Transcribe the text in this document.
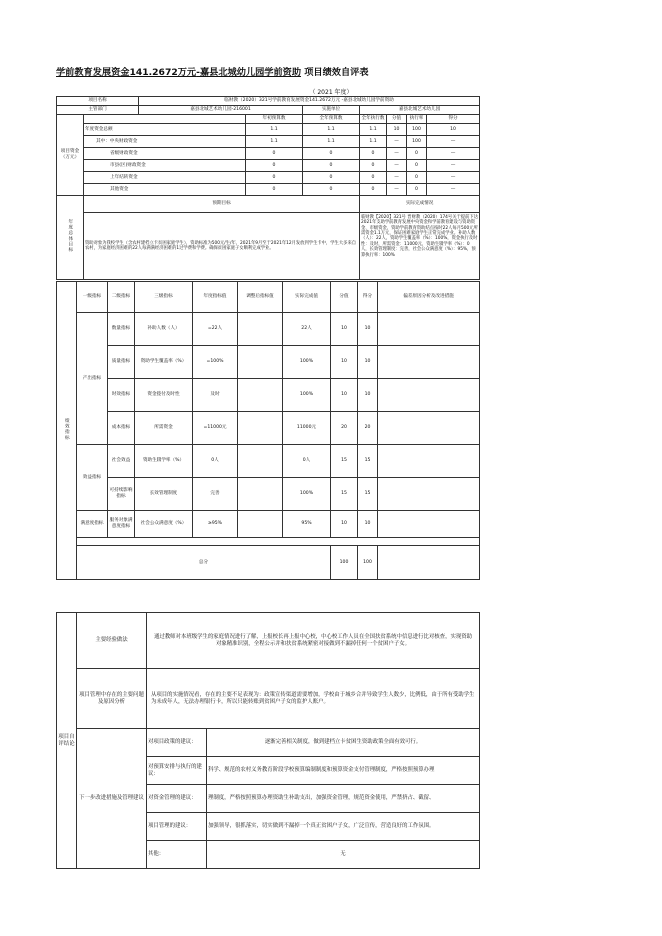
学前教育发展资金141.2672万元-嘉县北城幼儿园学前资助 项目绩效自评表
（ 2021 年度）
项目名称		临财教（2020）321号学前教育发展资金141.2672万元 -嘉县北城幼儿园学前资助						
主管部门		嘉县北城艺术幼儿园-216001		实施单位	嘉县北城艺术幼儿园			
项目资金（万元）			年初预算数	全年预算数	全年执行数	分值	执行率	得分
	年度资金总额		1.1	1.1	1.1	10	100	10
	其中：中央财政资金		1.1	1.1	1.1	—	100	—
	省级财政资金		0	0	0	—	0	—
	市县(区)财政资金		0	0	0	—	0	—
	上年结转资金		0	0	0	—	0	—
	其他资金		0	0	0	—	0	—
年度总体目标	预期目标				实际完成情况			
	资助对象为我校学生（含农村建档立卡贫困家庭学生），资助标准为500元/生/年，2021年9月至于2021年12月发放到学生卡中，学生大多来自农村，为家庭经济困难的22人每满满经济困难的1过学费和学费。确保贫困家庭子女顺利完成学业。				临财教【2020】321号 晋财教（2020）174号关于提前下达2021年支助学前教育发展中央资金和学前教育建设与资助资金、市级资金，资助学前教育资助结点按时22人每月500元所需资金1.1万元，保证困难家庭学生正常完成学业。补助人数（人）：22人，资助学生覆盖率（%）：100%，资金执行及时性：及时，所需资金：11000元，资助生辍学率（%）：0人，长效管理制度：完善，社会公众满意度（%）：95%，预算执行率：100%			
绩效指标	一级指标	二级指标	三级指标	年度指标值	调整后指标值	实际完成值	分值	得分	偏差原因分析及改进措施
	产出指标	数量指标	补助人数（人）	=22人		22人	10	10	
		质量指标	资助学生覆盖率（%）	=100%		100%	10	10	
		时效指标	资金拨付及时性	及时		100%	10	10	
		成本指标	所需资金	=11000元		11000元	20	20	
	效益指标	社会效益	资助生辍学率（%）	0人		0人	15	15	
		可持续影响指标	长效管理制度	完善		100%	15	15	
	满意度指标	服务对象满意度指标	社会公众满意度（%）	≥95%		95%	10	10	

	总分						100	100	
项目自评结论	主要经验做法	通过教师对本班级学生的家庭情况进行了解，上报校长再上报中心校，中心校工作人员在全国扶贫系统中信息进行比对核查，实现资助对象精准识别，全程公示并和扶贫系统紧密对接做到不漏掉任何一个贫困户子女。	
	项目管理中存在的主要问题及原因分析	从项目的实施情况看，存在的主要不足表现为：政策宣传渠道需要增加，学校由于城乡合并导致学生人数少，比例低，由于所有受助学生为未成年人，无法办理银行卡，所以只能转账到贫困户子女的监护人账户。	
	下一步改进措施及管理建议	对项目政策的建议：	逐渐完善相关制度，做到建档立卡贫困生资助政策全面有效可行。
		对预算安排与执行的建议：	科学、规范的农村义务教育阶段学校预算编制制度和预算资金支付管理制度，严格按照预算办理
		对资金管理的建议：	理制度，严格按照预算办理资助生补助支出，加强资金管理，规范资金使用，严禁挤占、截留、
		项目管理的建议：	加强领导，很抓落实，切实做到不漏掉一个真正贫困户子女，广泛宣传，营造良好的工作氛围。
		其他：	无
